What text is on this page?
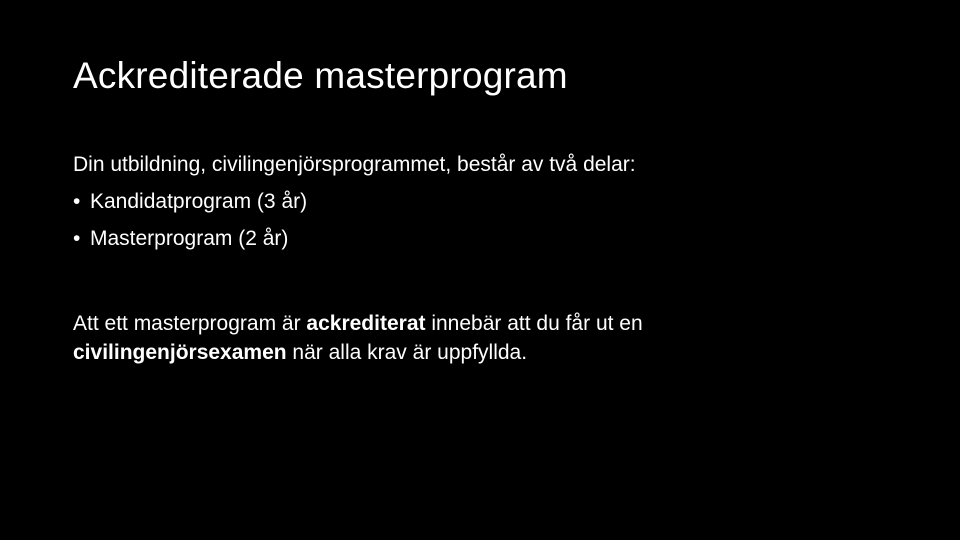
Ackrediterade masterprogram
Din utbildning, civilingenjörsprogrammet, består av två delar:
• Kandidatprogram (3 år)
• Masterprogram (2 år)
Att ett masterprogram är ackrediterat innebär att du får ut en
civilingenjörsexamen när alla krav är uppfyllda.
